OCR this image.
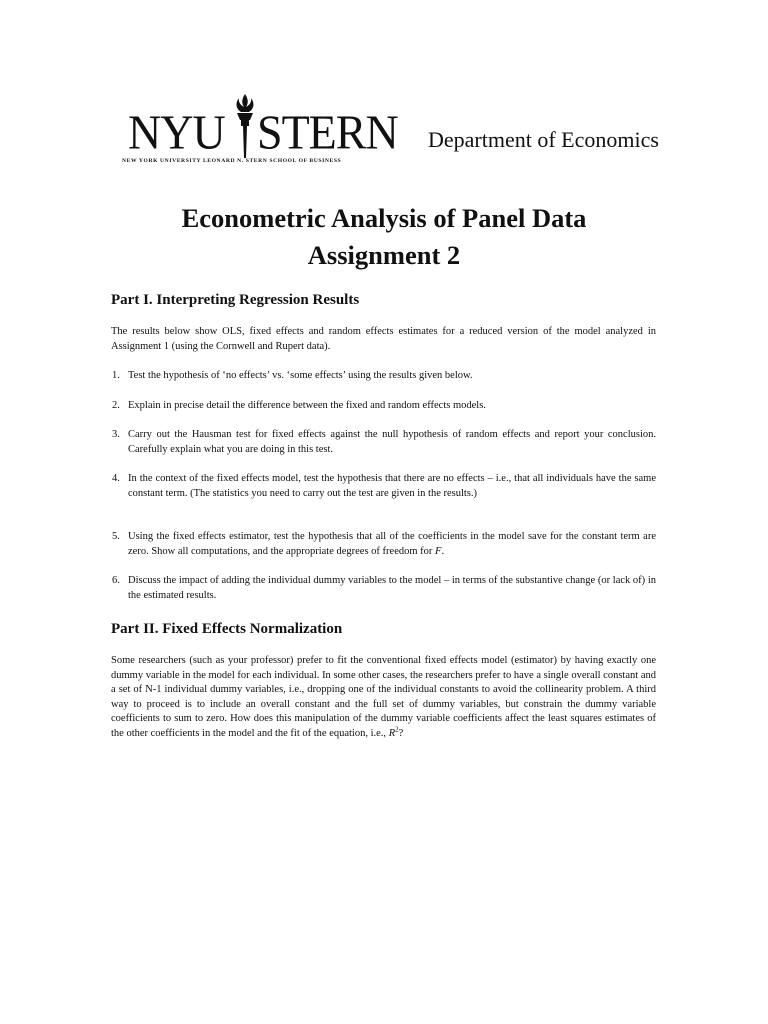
NYU STERN
NEW YORK UNIVERSITY LEONARD N. STERN SCHOOL OF BUSINESS
Department of Economics
Econometric Analysis of Panel Data
Assignment 2
Part I. Interpreting Regression Results
The results below show OLS, fixed effects and random effects estimates for a reduced version of the model analyzed in Assignment 1 (using the Cornwell and Rupert data).
1. Test the hypothesis of ‘no effects’ vs. ‘some effects’ using the results given below.
2. Explain in precise detail the difference between the fixed and random effects models.
3. Carry out the Hausman test for fixed effects against the null hypothesis of random effects and report your conclusion. Carefully explain what you are doing in this test.
4. In the context of the fixed effects model, test the hypothesis that there are no effects – i.e., that all individuals have the same constant term. (The statistics you need to carry out the test are given in the results.)
5. Using the fixed effects estimator, test the hypothesis that all of the coefficients in the model save for the constant term are zero. Show all computations, and the appropriate degrees of freedom for F.
6. Discuss the impact of adding the individual dummy variables to the model – in terms of the substantive change (or lack of) in the estimated results.
Part II. Fixed Effects Normalization
Some researchers (such as your professor) prefer to fit the conventional fixed effects model (estimator) by having exactly one dummy variable in the model for each individual. In some other cases, the researchers prefer to have a single overall constant and a set of N-1 individual dummy variables, i.e., dropping one of the individual constants to avoid the collinearity problem. A third way to proceed is to include an overall constant and the full set of dummy variables, but constrain the dummy variable coefficients to sum to zero. How does this manipulation of the dummy variable coefficients affect the least squares estimates of the other coefficients in the model and the fit of the equation, i.e., $R^2$?
